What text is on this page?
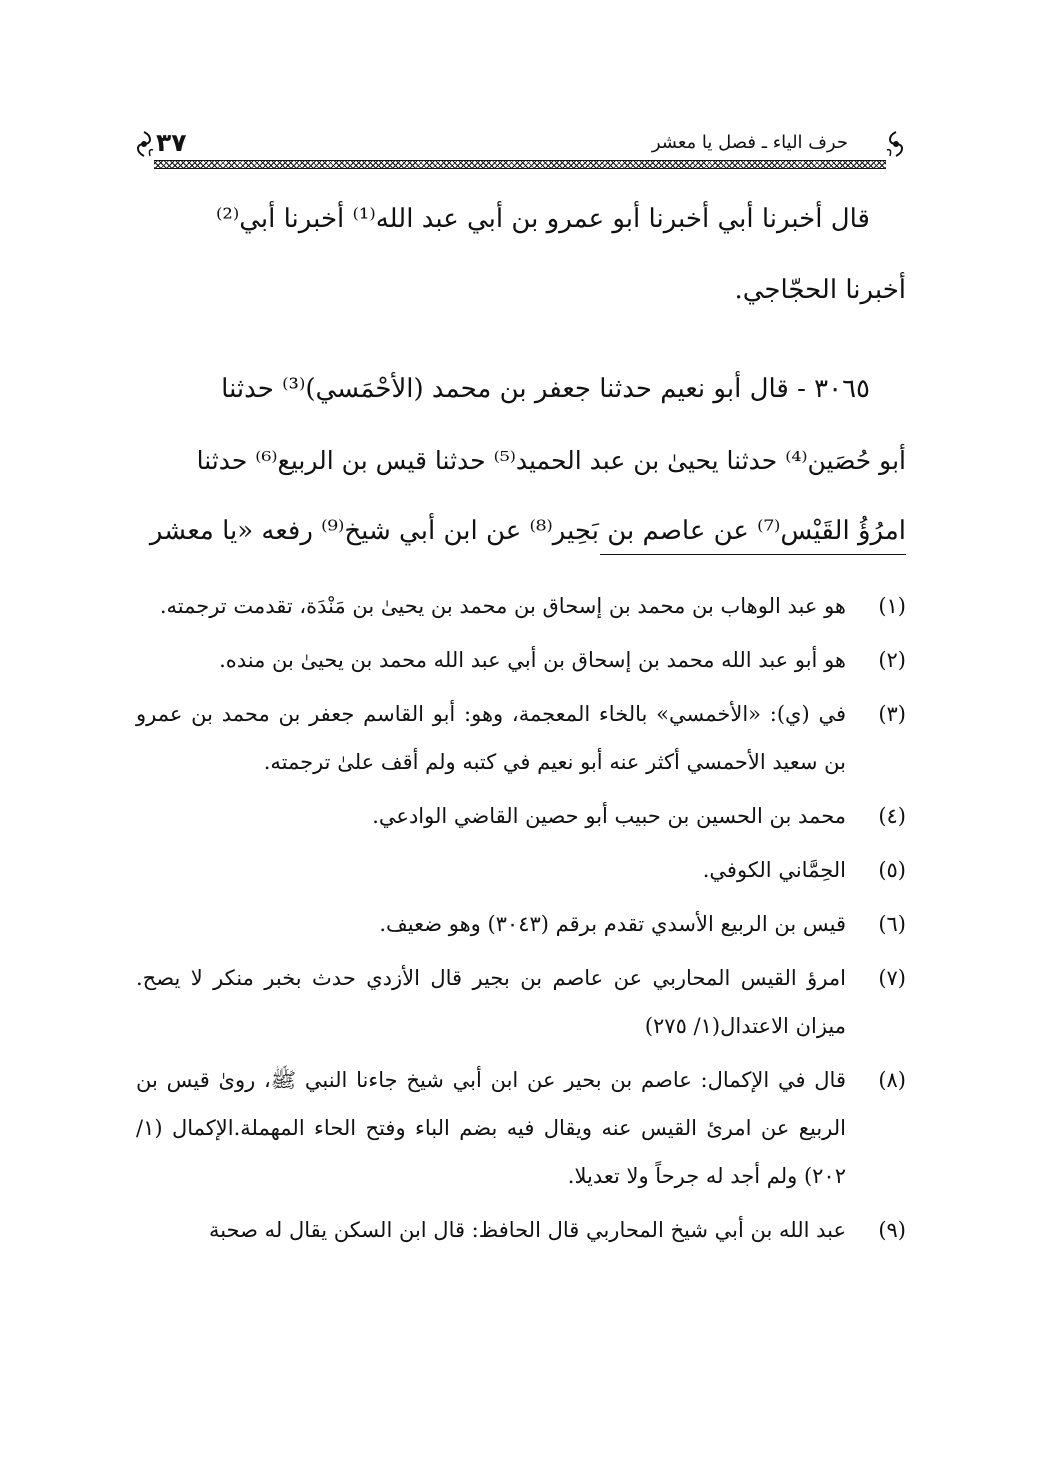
حرف الياء ـ فصل يا معشر
٣٧

قال أخبرنا أبي أخبرنا أبو عمرو بن أبي عبد الله⁽¹⁾ أخبرنا أبي⁽²⁾

أخبرنا الحجّاجي.

٣٠٦٥ - قال أبو نعيم حدثنا جعفر بن محمد (الأحْمَسي)⁽³⁾ حدثنا

أبو حُصَين⁽⁴⁾ حدثنا يحيىٰ بن عبد الحميد⁽⁵⁾ حدثنا قيس بن الربيع⁽⁶⁾ حدثنا

امرُؤُ القَيْس⁽⁷⁾ عن عاصم بن بَحِير⁽⁸⁾ عن ابن أبي شيخ⁽⁹⁾ رفعه «يا معشر

(١)
هو عبد الوهاب بن محمد بن إسحاق بن محمد بن يحيىٰ بن مَنْدَة، تقدمت ترجمته.
(٢)
هو أبو عبد الله محمد بن إسحاق بن أبي عبد الله محمد بن يحيىٰ بن منده.
(٣)
في (ي): «الأخمسي» بالخاء المعجمة، وهو: أبو القاسم جعفر بن محمد بن عمرو بن سعيد الأحمسي أكثر عنه أبو نعيم في كتبه ولم أقف علىٰ ترجمته.
(٤)
محمد بن الحسين بن حبيب أبو حصين القاضي الوادعي.
(٥)
الحِمَّاني الكوفي.
(٦)
قيس بن الربيع الأسدي تقدم برقم (٣٠٤٣) وهو ضعيف.
(٧)
امرؤ القيس المحاربي عن عاصم بن بجير قال الأزدي حدث بخبر منكر لا يصح. ميزان الاعتدال(١/ ٢٧٥)
(٨)
قال في الإكمال: عاصم بن بحير عن ابن أبي شيخ جاءنا النبي ﷺ، روىٰ قيس بن الربيع عن امرئ القيس عنه ويقال فيه بضم الباء وفتح الحاء المهملة.الإكمال (١/ ٢٠٢) ولم أجد له جرحاً ولا تعديلا.
(٩)
عبد الله بن أبي شيخ المحاربي قال الحافظ: قال ابن السكن يقال له صحبة
